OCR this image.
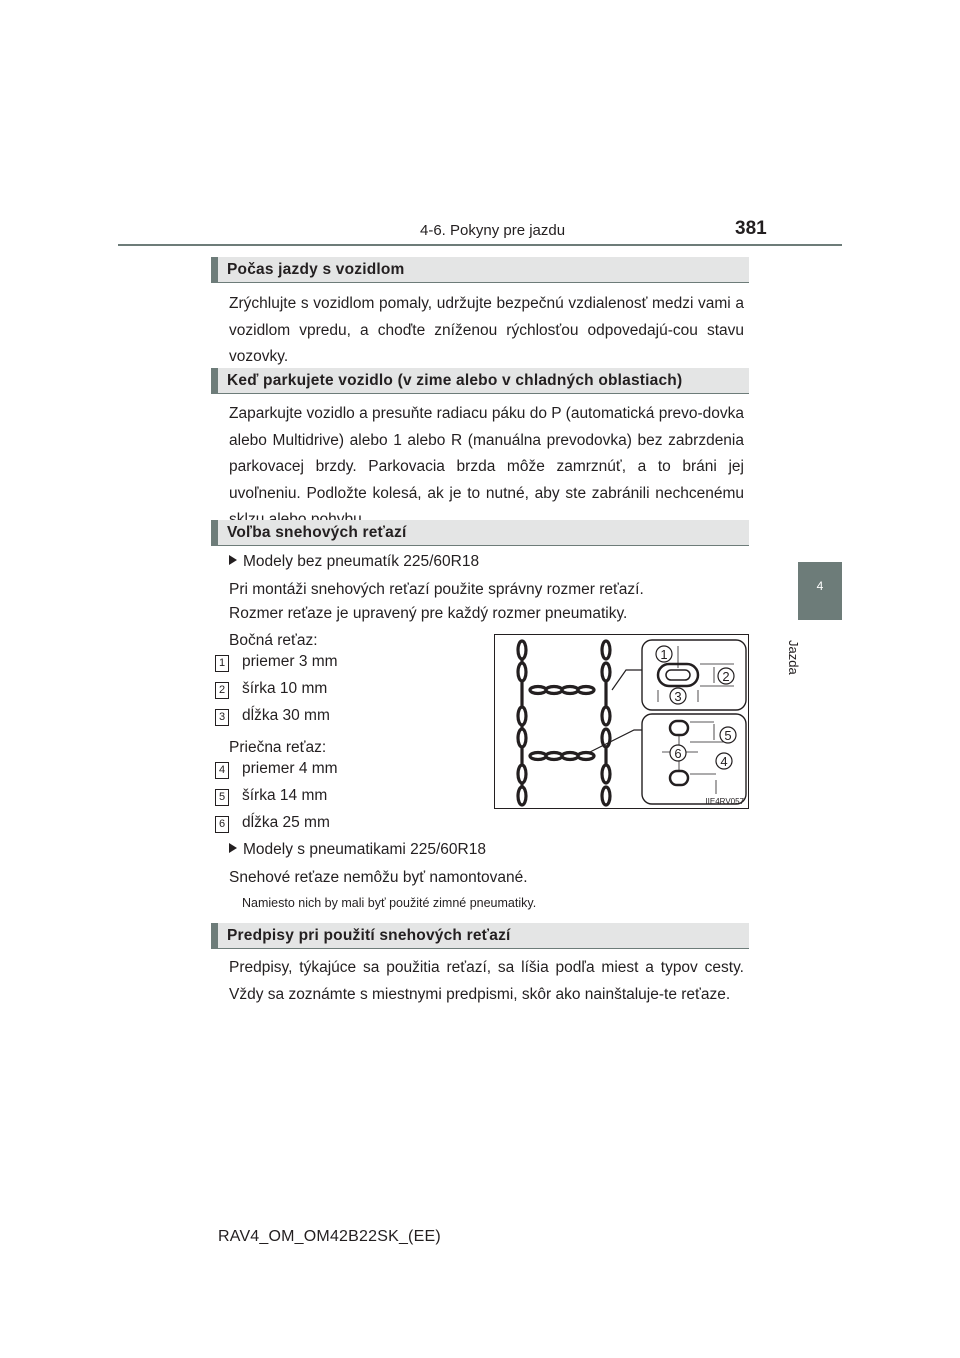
4-6. Pokyny pre jazdu	381
4
Jazda
Počas jazdy s vozidlom

Zrýchlujte s vozidlom pomaly, udržujte bezpečnú vzdialenosť medzi vami a vozidlom vpredu, a choďte zníženou rýchlosťou odpovedajú-cou stavu vozovky.

Keď parkujete vozidlo (v zime alebo v chladných oblastiach)

Zaparkujte vozidlo a presuňte radiacu páku do P (automatická prevo-dovka alebo Multidrive) alebo 1 alebo R (manuálna prevodovka) bez zabrzdenia parkovacej brzdy. Parkovacia brzda môže zamrznúť, a to bráni jej uvoľneniu. Podložte kolesá, ak je to nutné, aby ste zabránili nechcenému

Voľba snehových reťazí
Modely bez pneumatík 225/60R18
Pri montáži snehových reťazí použite správny rozmer reťazí.
Rozmer reťaze je upravený pre každý rozmer pneumatiky.
Bočná reťaz:
1 priemer 3 mm
2 šírka 10 mm
3 dĺžka 30 mm
Priečna reťaz:
4 priemer 4 mm
5 šírka 14 mm
6 dĺžka 25 mm
Modely s pneumatikami 225/60R18
Snehové reťaze nemôžu byť namontované.
Namiesto nich by mali byť použité zimné pneumatiky.
1
2
3
5
6
4
IIE4RV057
Predpisy pri použití snehových reťazí

Predpisy, týkajúce sa použitia reťazí, sa líšia podľa miest a typov cesty. Vždy sa zoznámte s miestnymi predpismi, skôr ako nainštaluje-te reťaze.

RAV4_OM_OM42B22SK_(EE)
